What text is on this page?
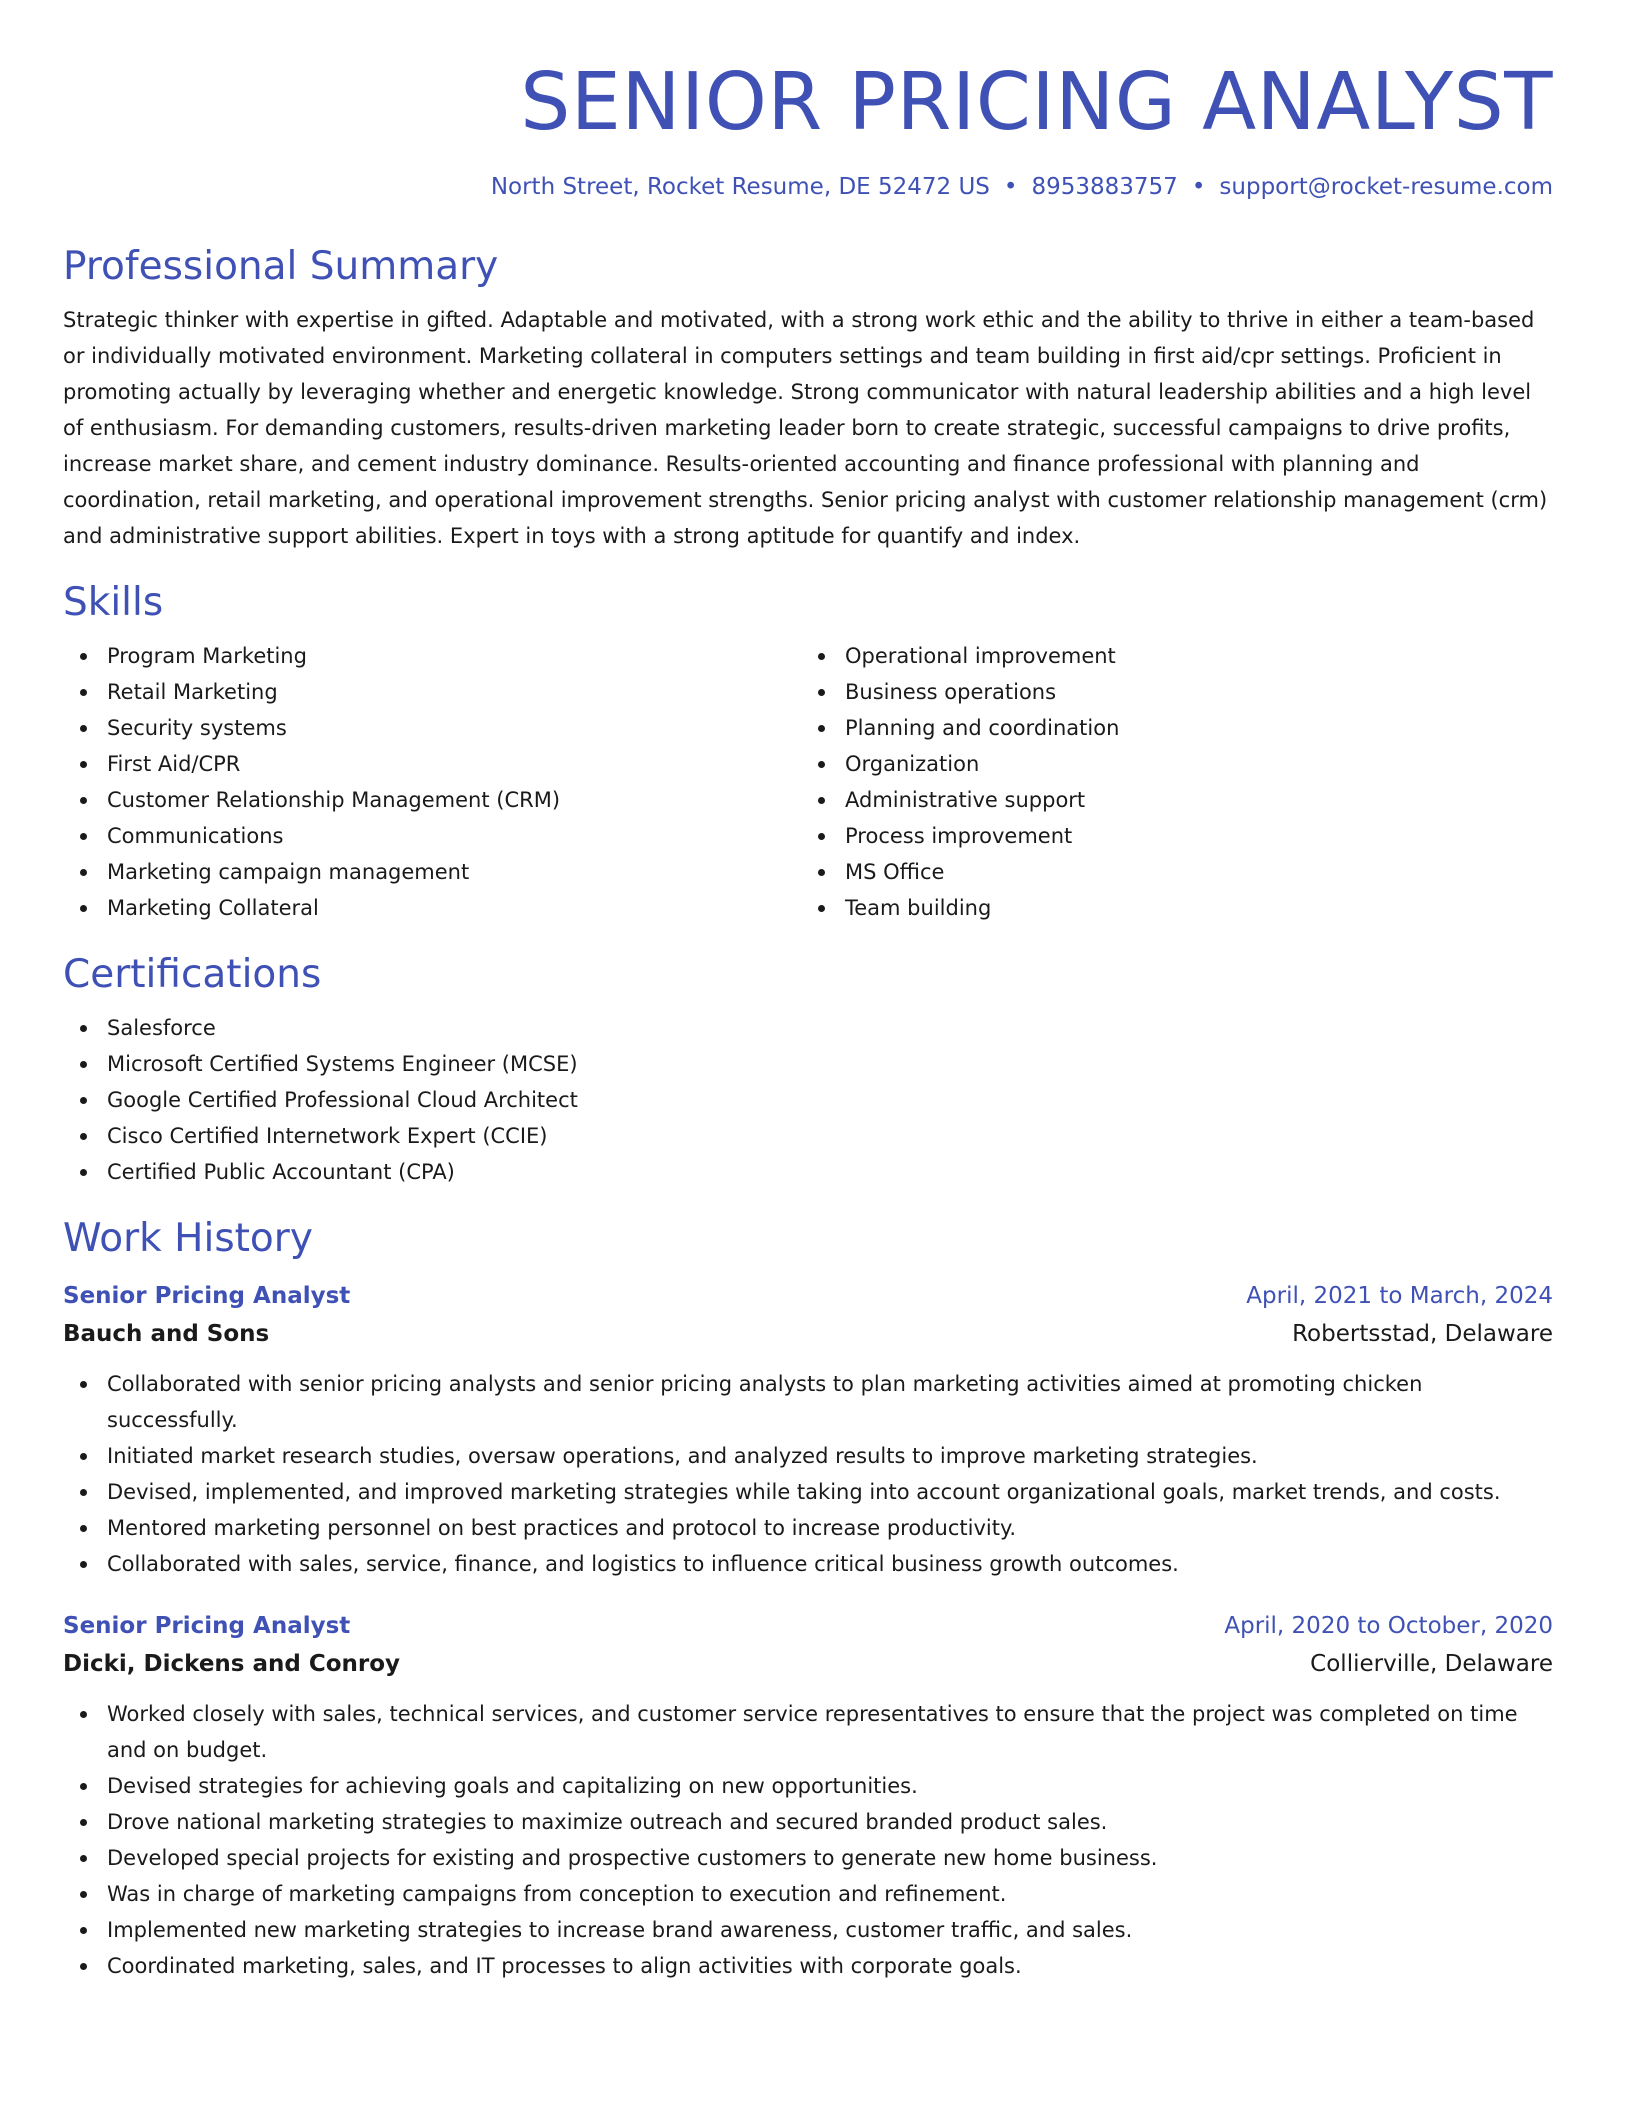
SENIOR PRICING ANALYST
North Street, Rocket Resume, DE 52472 US • 8953883757 • support@rocket-resume.com
Professional Summary
Strategic thinker with expertise in gifted. Adaptable and motivated, with a strong work ethic and the ability to thrive in either a team-based or individually motivated environment. Marketing collateral in computers settings and team building in first aid/cpr settings. Proficient in promoting actually by leveraging whether and energetic knowledge. Strong communicator with natural leadership abilities and a high level of enthusiasm. For demanding customers, results-driven marketing leader born to create strategic, successful campaigns to drive profits, increase market share, and cement industry dominance. Results-oriented accounting and finance professional with planning and coordination, retail marketing, and operational improvement strengths. Senior pricing analyst with customer relationship management (crm) and administrative support abilities. Expert in toys with a strong aptitude for quantify and index.
Skills
Program Marketing
Retail Marketing
Security systems
First Aid/CPR
Customer Relationship Management (CRM)
Communications
Marketing campaign management
Marketing Collateral
Operational improvement
Business operations
Planning and coordination
Organization
Administrative support
Process improvement
MS Office
Team building
Certifications
Salesforce
Microsoft Certified Systems Engineer (MCSE)
Google Certified Professional Cloud Architect
Cisco Certified Internetwork Expert (CCIE)
Certified Public Accountant (CPA)
Work History
Senior Pricing Analyst	April, 2021 to March, 2024
Bauch and Sons	Robertsstad, Delaware
Collaborated with senior pricing analysts and senior pricing analysts to plan marketing activities aimed at promoting chicken successfully.
Initiated market research studies, oversaw operations, and analyzed results to improve marketing strategies.
Devised, implemented, and improved marketing strategies while taking into account organizational goals, market trends, and costs.
Mentored marketing personnel on best practices and protocol to increase productivity.
Collaborated with sales, service, finance, and logistics to influence critical business growth outcomes.
Senior Pricing Analyst	April, 2020 to October, 2020
Dicki, Dickens and Conroy	Collierville, Delaware
Worked closely with sales, technical services, and customer service representatives to ensure that the project was completed on time and on budget.
Devised strategies for achieving goals and capitalizing on new opportunities.
Drove national marketing strategies to maximize outreach and secured branded product sales.
Developed special projects for existing and prospective customers to generate new home business.
Was in charge of marketing campaigns from conception to execution and refinement.
Implemented new marketing strategies to increase brand awareness, customer traffic, and sales.
Coordinated marketing, sales, and IT processes to align activities with corporate goals.
